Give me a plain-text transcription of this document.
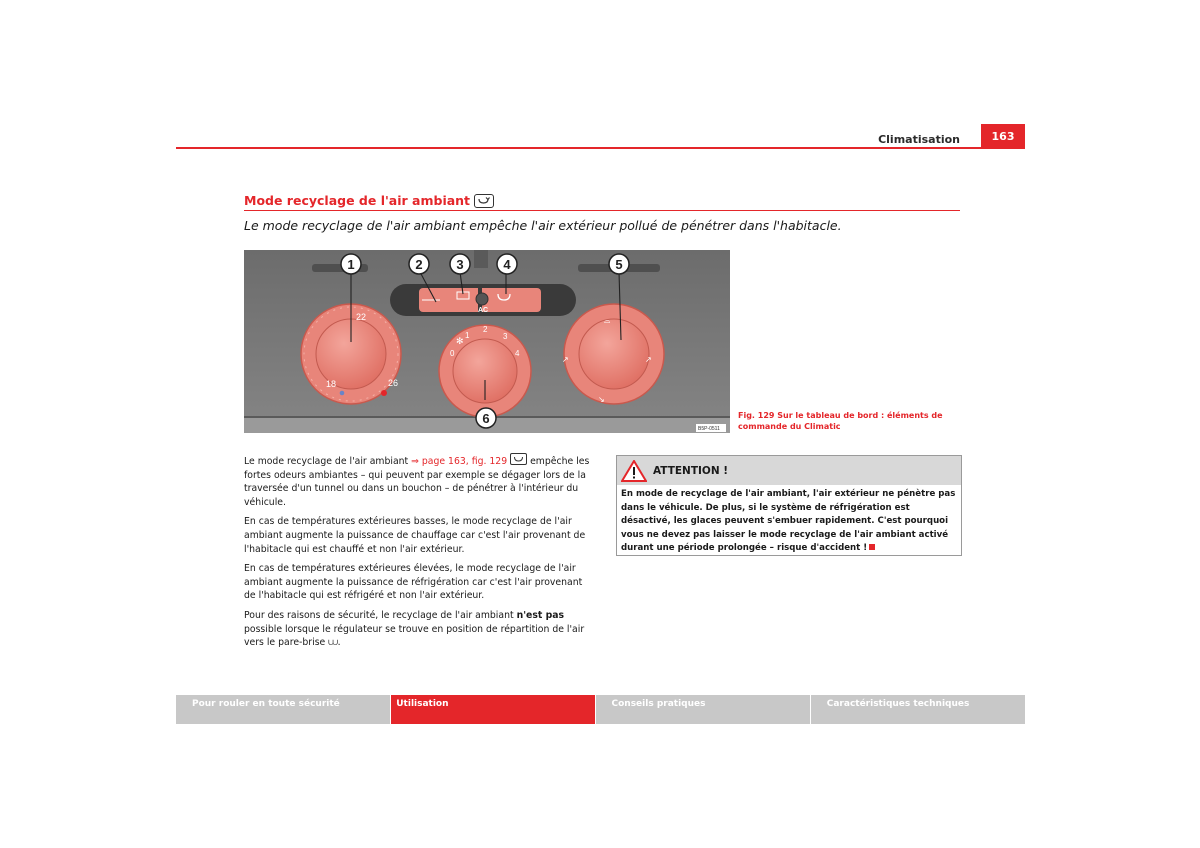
Climatisation	163
Mode recyclage de l'air ambiant
Le mode recyclage de l'air ambiant empêche l'air extérieur pollué de pénétrer dans l'habitacle.
AC
22
18	26
0
1
2
3
4
✻
⌓
↗	↗
↘
1	2	3	4	5
6
B5P-0511
Fig. 129 Sur le tableau de bord : éléments de commande du Climatic

Le mode recyclage de l'air ambiant ⇒ page 163, fig. 129
empêche les fortes odeurs ambiantes – qui peuvent par exemple se dégager lors de la traversée d'un tunnel ou dans un bouchon – de pénétrer à l'intérieur du véhicule.

En cas de températures extérieures basses, le mode recyclage de l'air ambiant augmente la puissance de chauffage car c'est l'air provenant de l'habitacle qui est chauffé et non l'air extérieur.

En cas de températures extérieures élevées, le mode recyclage de l'air ambiant augmente la puissance de réfrigération car c'est l'air provenant de l'habitacle qui est réfrigéré et non l'air extérieur.

Pour des raisons de sécurité, le recyclage de l'air ambiant n'est pas possible lorsque le régulateur se trouve en position de répartition de l'air vers le pare-brise ⩊.

ATTENTION !
En mode de recyclage de l'air ambiant, l'air extérieur ne pénètre pas dans le véhicule. De plus, si le système de réfrigération est désactivé, les glaces peuvent s'embuer rapidement. C'est pourquoi vous ne devez pas laisser le mode recyclage de l'air ambiant activé durant une période prolongée – risque d'accident !
Pour rouler en toute sécurité	Utilisation	Conseils pratiques	Caractéristiques techniques
